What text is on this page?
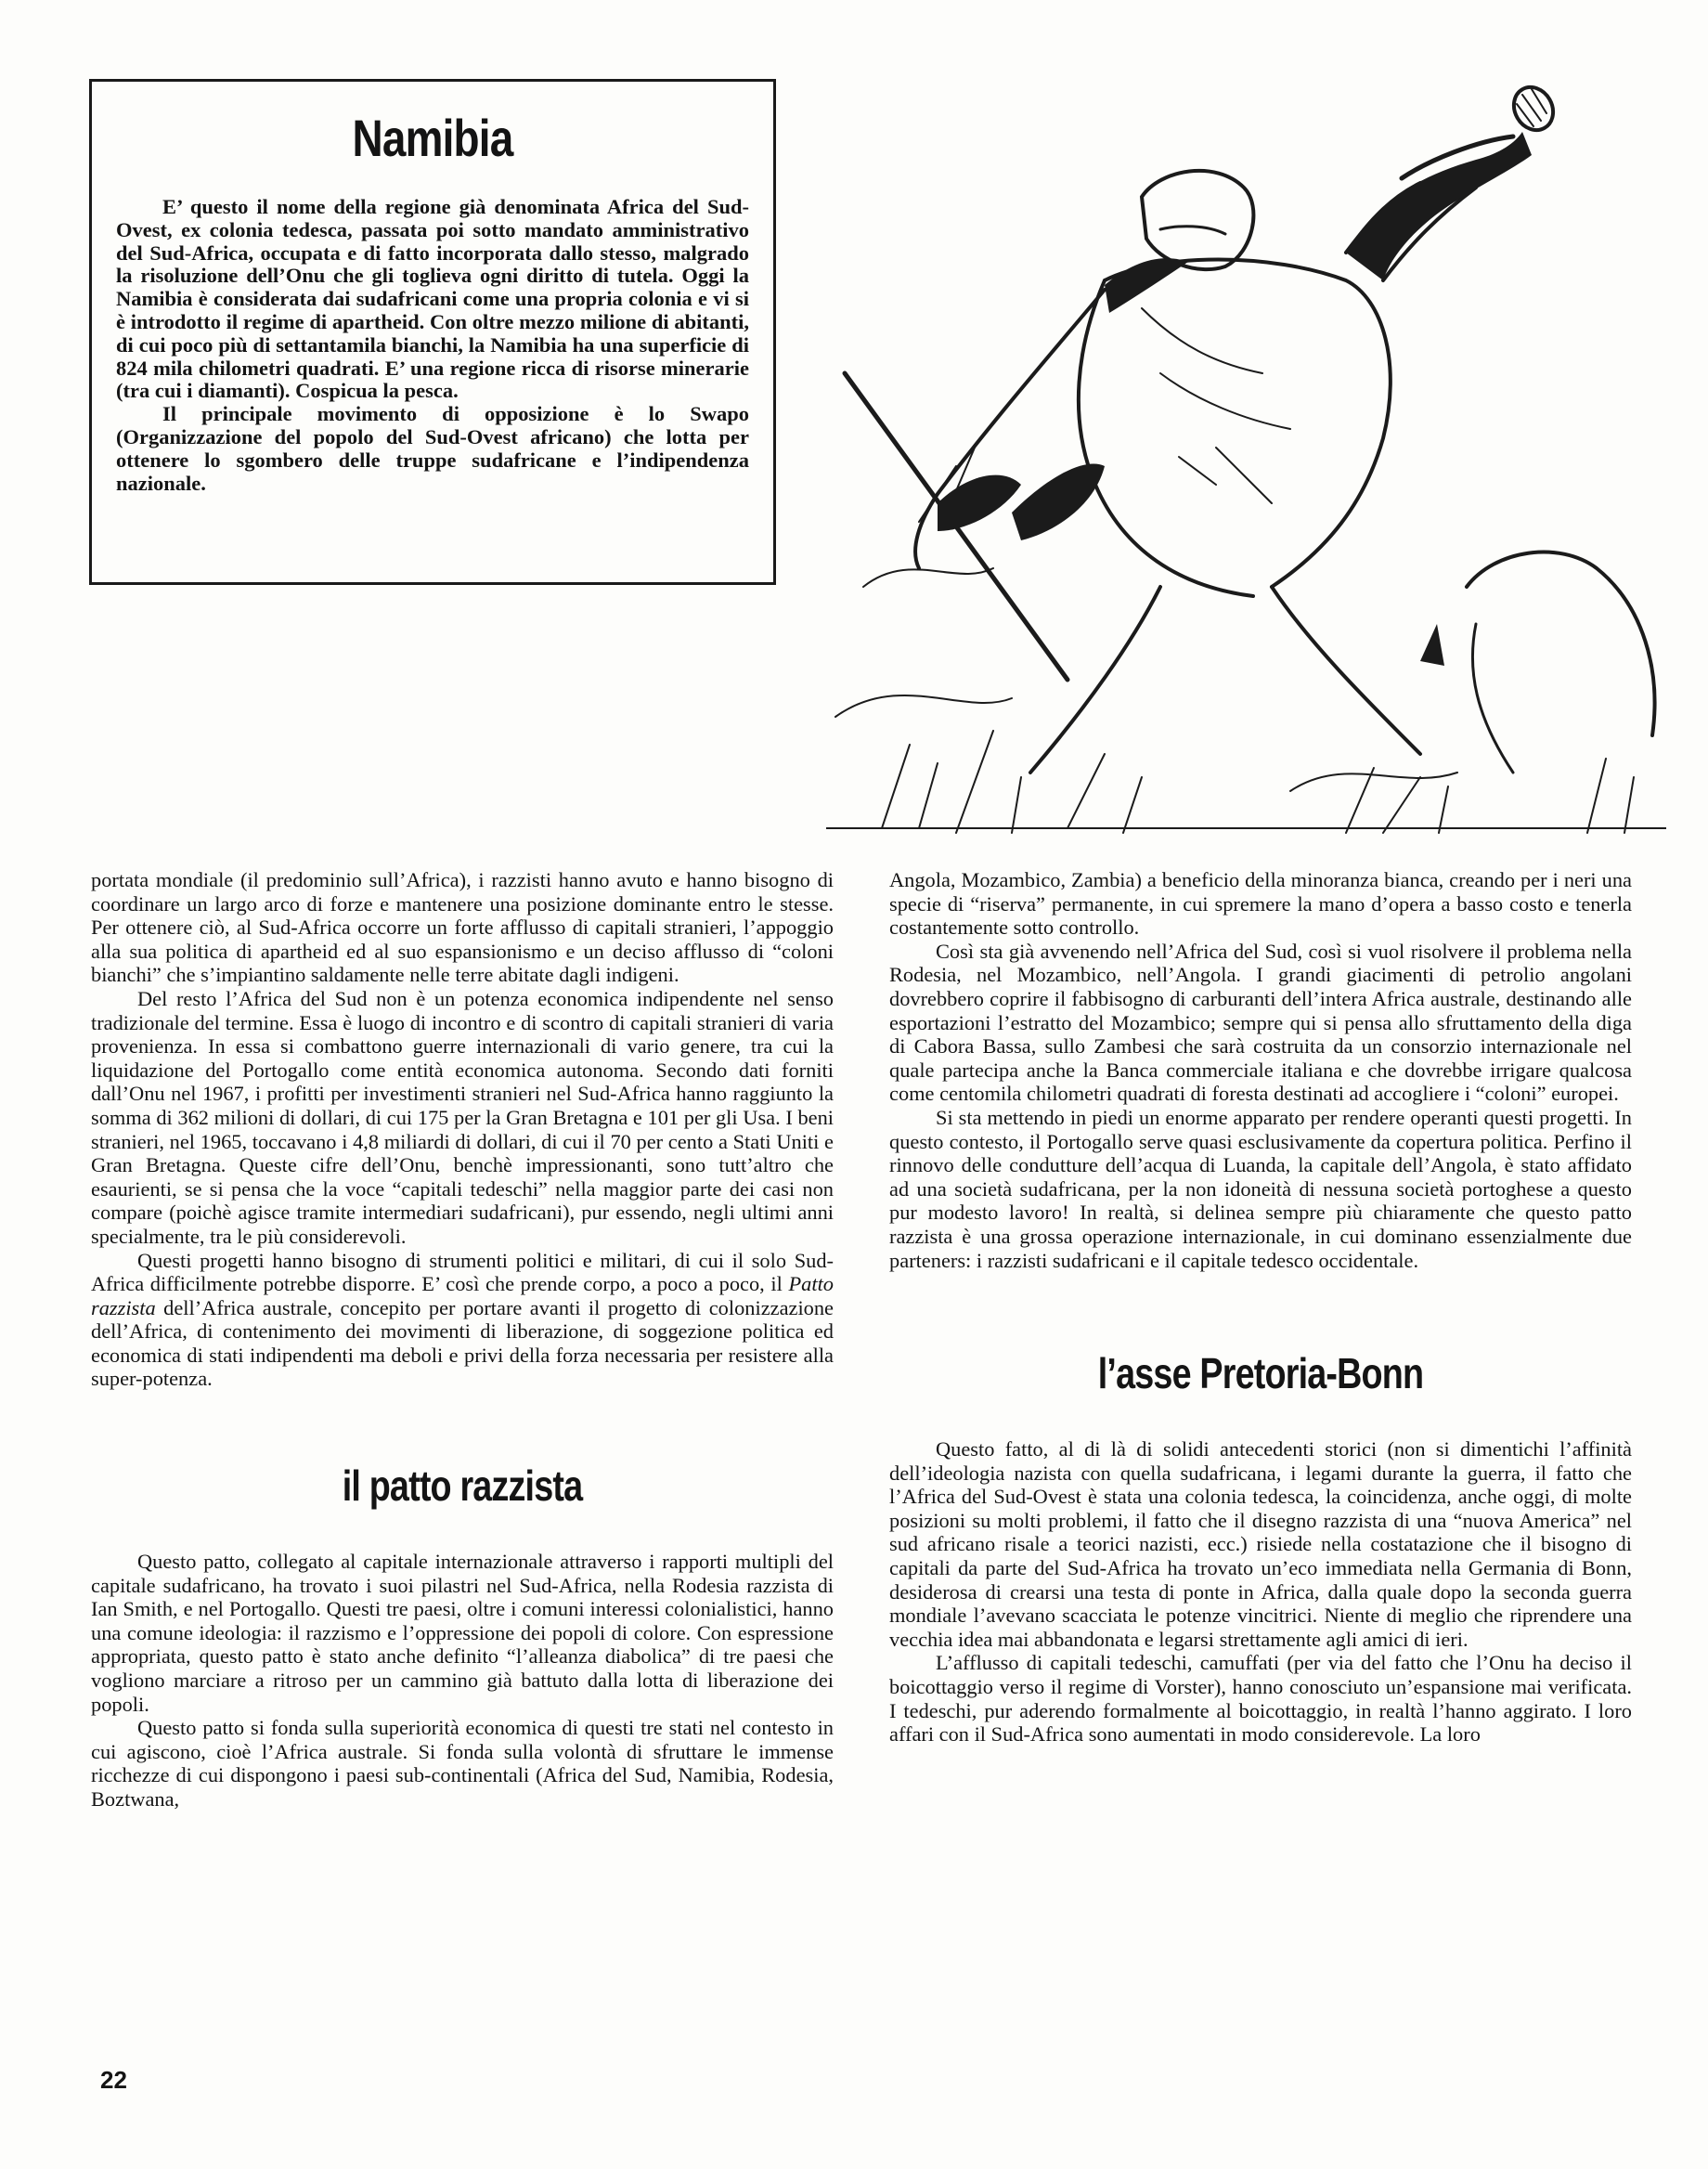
Namibia

E’ questo il nome della regione già denominata Africa del Sud-Ovest, ex colonia tedesca, passata poi sotto mandato amministrativo del Sud-Africa, occupata e di fatto incorporata dallo stesso, malgrado la risoluzione dell’Onu che gli toglieva ogni diritto di tutela. Oggi la Namibia è considerata dai sudafricani come una propria colonia e vi si è introdotto il regime di apartheid. Con oltre mezzo milione di abitanti, di cui poco più di settantamila bianchi, la Namibia ha una superficie di 824 mila chilometri quadrati. E’ una regione ricca di risorse minerarie (tra cui i diamanti). Cospicua la pesca.

Il principale movimento di opposizione è lo Swapo (Organizzazione del popolo del Sud-Ovest africano) che lotta per ottenere lo sgombero delle truppe sudafricane e l’indipendenza nazionale.

portata mondiale (il predominio sull’Africa), i razzisti hanno avuto e hanno bisogno di coordinare un largo arco di forze e mantenere una posizione dominante entro le stesse. Per ottenere ciò, al Sud-Africa occorre un forte afflusso di capitali stranieri, l’appoggio alla sua politica di apartheid ed al suo espansionismo e un deciso afflusso di “coloni bianchi” che s’impiantino saldamente nelle terre abitate dagli indigeni.

Del resto l’Africa del Sud non è un potenza economica indipendente nel senso tradizionale del termine. Essa è luogo di incontro e di scontro di capitali stranieri di varia provenienza. In essa si combattono guerre internazionali di vario genere, tra cui la liquidazione del Portogallo come entità economica autonoma. Secondo dati forniti dall’Onu nel 1967, i profitti per investimenti stranieri nel Sud-Africa hanno raggiunto la somma di 362 milioni di dollari, di cui 175 per la Gran Bretagna e 101 per gli Usa. I beni stranieri, nel 1965, toccavano i 4,8 miliardi di dollari, di cui il 70 per cento a Stati Uniti e Gran Bretagna. Queste cifre dell’Onu, benchè impressionanti, sono tutt’altro che esaurienti, se si pensa che la voce “capitali tedeschi” nella maggior parte dei casi non compare (poichè agisce tramite intermediari sudafricani), pur essendo, negli ultimi anni specialmente, tra le più considerevoli.

Questi progetti hanno bisogno di strumenti politici e militari, di cui il solo Sud-Africa difficilmente potrebbe disporre. E’ così che prende corpo, a poco a poco, il Patto razzista dell’Africa australe, concepito per portare avanti il progetto di colonizzazione dell’Africa, di contenimento dei movimenti di liberazione, di soggezione politica ed economica di stati indipendenti ma deboli e privi della forza necessaria per resistere alla super-potenza.

il patto razzista

Questo patto, collegato al capitale internazionale attraverso i rapporti multipli del capitale sudafricano, ha trovato i suoi pilastri nel Sud-Africa, nella Rodesia razzista di Ian Smith, e nel Portogallo. Questi tre paesi, oltre i comuni interessi colonialistici, hanno una comune ideologia: il razzismo e l’oppressione dei popoli di colore. Con espressione appropriata, questo patto è stato anche definito “l’alleanza diabolica” di tre paesi che vogliono marciare a ritroso per un cammino già battuto dalla lotta di liberazione dei popoli.

Questo patto si fonda sulla superiorità economica di questi tre stati nel contesto in cui agiscono, cioè l’Africa australe. Si fonda sulla volontà di sfruttare le immense ricchezze di cui dispongono i paesi sub-continentali (Africa del Sud, Namibia, Rodesia, Boztwana,

Angola, Mozambico, Zambia) a beneficio della minoranza bianca, creando per i neri una specie di “riserva” permanente, in cui spremere la mano d’opera a basso costo e tenerla costantemente sotto controllo.

Così sta già avvenendo nell’Africa del Sud, così si vuol risolvere il problema nella Rodesia, nel Mozambico, nell’Angola. I grandi giacimenti di petrolio angolani dovrebbero coprire il fabbisogno di carburanti dell’intera Africa australe, destinando alle esportazioni l’estratto del Mozambico; sempre qui si pensa allo sfruttamento della diga di Cabora Bassa, sullo Zambesi che sarà costruita da un consorzio internazionale nel quale partecipa anche la Banca commerciale italiana e che dovrebbe irrigare qualcosa come centomila chilometri quadrati di foresta destinati ad accogliere i “coloni” europei.

Si sta mettendo in piedi un enorme apparato per rendere operanti questi progetti. In questo contesto, il Portogallo serve quasi esclusivamente da copertura politica. Perfino il rinnovo delle condutture dell’acqua di Luanda, la capitale dell’Angola, è stato affidato ad una società sudafricana, per la non idoneità di nessuna società portoghese a questo pur modesto lavoro! In realtà, si delinea sempre più chiaramente che questo patto razzista è una grossa operazione internazionale, in cui dominano essenzialmente due parteners: i razzisti sudafricani e il capitale tedesco occidentale.

l’asse Pretoria-Bonn

Questo fatto, al di là di solidi antecedenti storici (non si dimentichi l’affinità dell’ideologia nazista con quella sudafricana, i legami durante la guerra, il fatto che l’Africa del Sud-Ovest è stata una colonia tedesca, la coincidenza, anche oggi, di molte posizioni su molti problemi, il fatto che il disegno razzista di una “nuova America” nel sud africano risale a teorici nazisti, ecc.) risiede nella costatazione che il bisogno di capitali da parte del Sud-Africa ha trovato un’eco immediata nella Germania di Bonn, desiderosa di crearsi una testa di ponte in Africa, dalla quale dopo la seconda guerra mondiale l’avevano scacciata le potenze vincitrici. Niente di meglio che riprendere una vecchia idea mai abbandonata e legarsi strettamente agli amici di ieri.

L’afflusso di capitali tedeschi, camuffati (per via del fatto che l’Onu ha deciso il boicottaggio verso il regime di Vorster), hanno conosciuto un’espansione mai verificata. I tedeschi, pur aderendo formalmente al boicottaggio, in realtà l’hanno aggirato. I loro affari con il Sud-Africa sono aumentati in modo considerevole. La loro

22
